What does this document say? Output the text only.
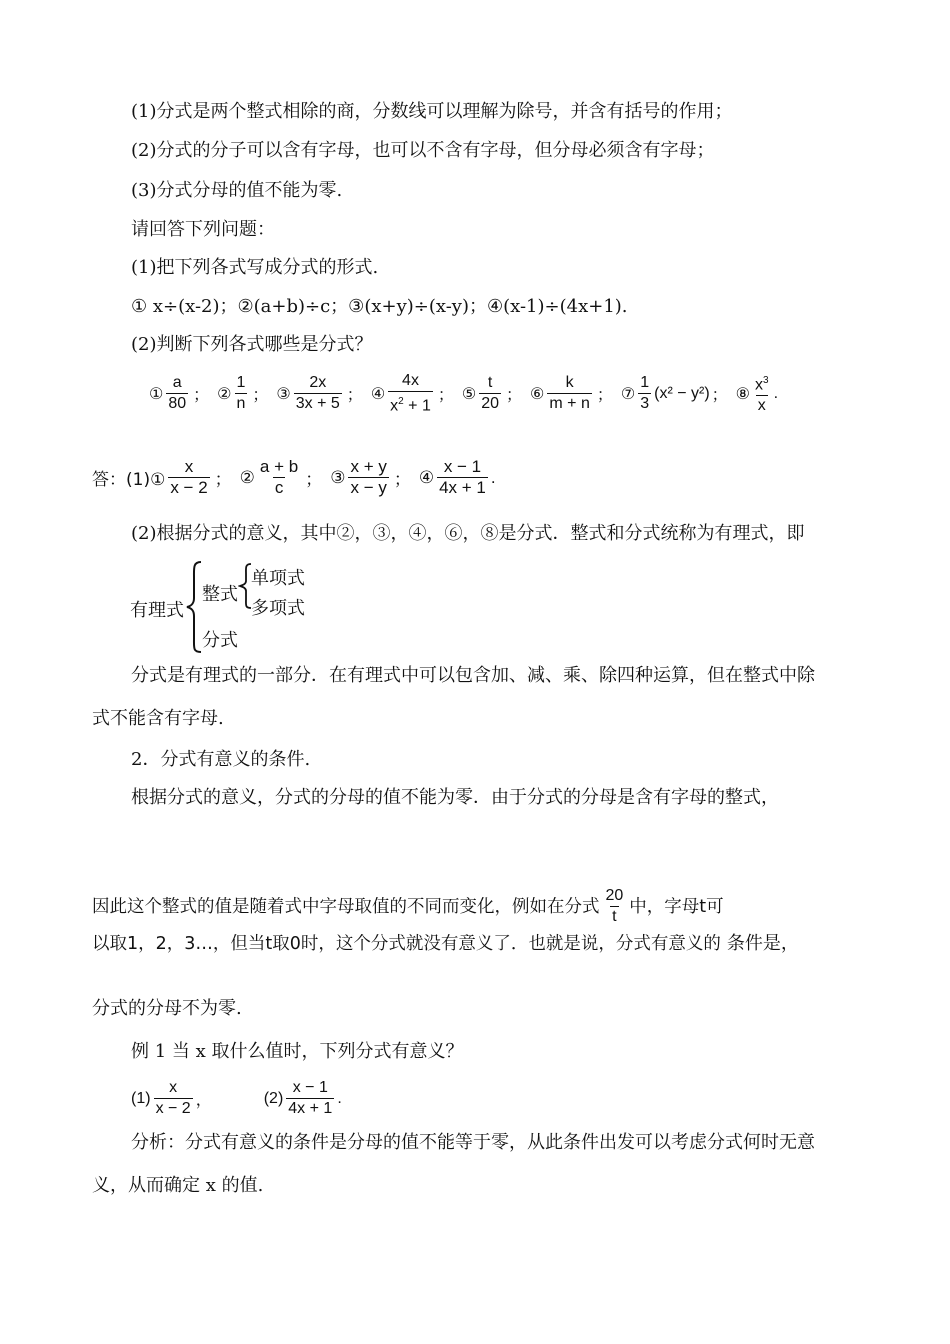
(1)分式是两个整式相除的商，分数线可以理解为除号，并含有括号的作用；
(2)分式的分子可以含有字母，也可以不含有字母，但分母必须含有字母；
(3)分式分母的值不能为零.
请回答下列问题：
(1)把下列各式写成分式的形式.
① x÷(x-2)；②(a+b)÷c；③(x+y)÷(x-y)；④(x-1)÷(4x+1).
(2)判断下列各式哪些是分式？
① $\frac{a}{80}$ ； ② $\frac{1}{n}$ ； ③ $\frac{2x}{3x + 5}$ ； ④ $\frac{4x}{x^2 + 1}$ ； ⑤ $\frac{t}{20}$ ； ⑥ $\frac{k}{m + n}$ ； ⑦ $\frac{1}{3} (x^2 - y^2)$ ； ⑧ $\frac{x^3}{x}$ .
答：(1)① $\frac{x}{x - 2}$ ； ② $\frac{a + b}{c}$ ； ③ $\frac{x + y}{x - y}$ ； ④ $\frac{x - 1}{4x + 1}$ .
(2)根据分式的意义，其中②，③，④，⑥，⑧是分式．整式和分式统称为有理式，即
有理式
整式
单项式
多项式
分式
分式是有理式的一部分．在有理式中可以包含加、减、乘、除四种运算，但在整式中除
式不能含有字母.
2．分式有意义的条件.
根据分式的意义，分式的分母的值不能为零．由于分式的分母是含有字母的整式，
因此这个整式的值是随着式中字母取值的不同而变化，例如在分式 $\frac{20}{t}$ 中，字母t可
以取1，2，3…，但当t取0时，这个分式就没有意义了．也就是说，分式有意义的 条件是，
分式的分母不为零.
例 1 当 x 取什么值时，下列分式有意义？
$(1) \frac{x}{x - 2}$ ，	$(2) \frac{x - 1}{4x + 1}$ .
分析：分式有意义的条件是分母的值不能等于零，从此条件出发可以考虑分式何时无意
义，从而确定 x 的值.
